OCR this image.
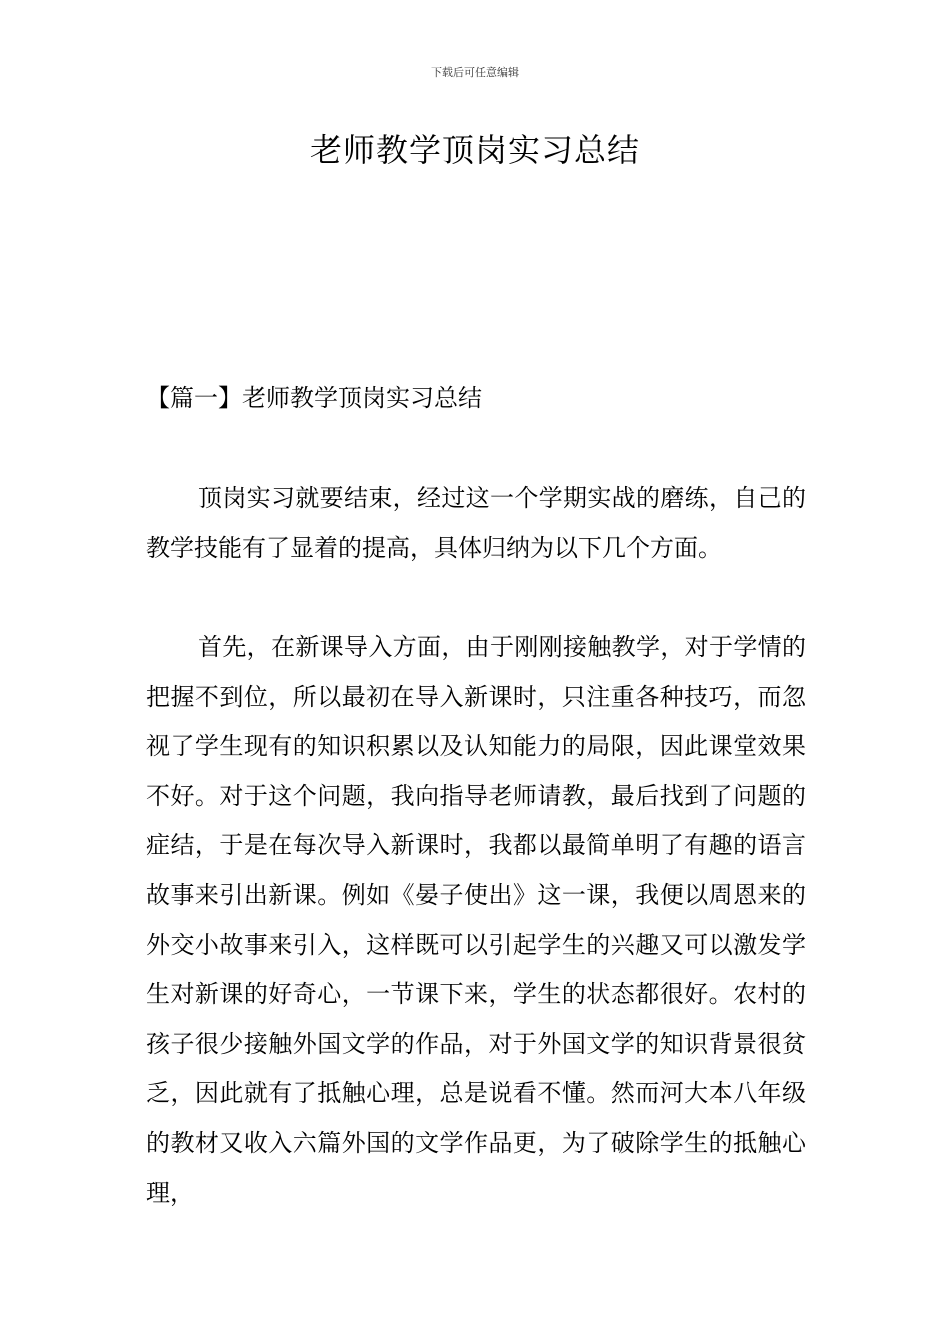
下载后可任意编辑
老师教学顶岗实习总结
【篇一】老师教学顶岗实习总结

顶岗实习就要结束，经过这一个学期实战的磨练，自己的教学技能有了显着的提高，具体归纳为以下几个方面。

首先，在新课导入方面，由于刚刚接触教学，对于学情的把握不到位，所以最初在导入新课时，只注重各种技巧，而忽视了学生现有的知识积累以及认知能力的局限，因此课堂效果不好。对于这个问题，我向指导老师请教，最后找到了问题的症结，于是在每次导入新课时，我都以最简单明了有趣的语言故事来引出新课。例如《晏子使出》这一课，我便以周恩来的外交小故事来引入，这样既可以引起学生的兴趣又可以激发学生对新课的好奇心，一节课下来，学生的状态都很好。农村的孩子很少接触外国文学的作品，对于外国文学的知识背景很贫乏，因此就有了抵触心理，总是说看不懂。然而河大本八年级的教材又收入六篇外国的文学作品更，为了破除学生的抵触心理，
